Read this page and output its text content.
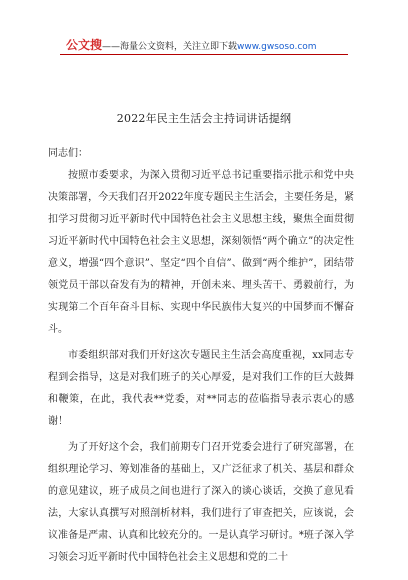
公文搜 ——海量公文资料，关注立即下载 www.gwsoso.com
2022年民主生活会主持词讲话提纲

同志们：

按照市委要求，为深入贯彻习近平总书记重要指示批示和党中央决策部署，今天我们召开2022年度专题民主生活会，主要任务是，紧扣学习贯彻习近平新时代中国特色社会主义思想主线，聚焦全面贯彻习近平新时代中国特色社会主义思想，深刻领悟“两个确立”的决定性意义，增强“四个意识”、坚定“四个自信”、做到“两个维护”，团结带领党员干部以奋发有为的精神，开创未来、埋头苦干、勇毅前行，为实现第二个百年奋斗目标、实现中华民族伟大复兴的中国梦而不懈奋斗。

市委组织部对我们开好这次专题民主生活会高度重视，xx同志专程到会指导，这是对我们班子的关心厚爱，是对我们工作的巨大鼓舞和鞭策，在此，我代表**党委，对**同志的莅临指导表示衷心的感谢！

为了开好这个会，我们前期专门召开党委会进行了研究部署，在组织理论学习、筹划准备的基础上，又广泛征求了机关、基层和群众的意见建议，班子成员之间也进行了深入的谈心谈话，交换了意见看法，大家认真撰写对照剖析材料，我们进行了审查把关，应该说，会议准备是严肃、认真和比较充分的。一是认真学习研讨。*班子深入学习领会习近平新时代中国特色社会主义思想和党的二十
